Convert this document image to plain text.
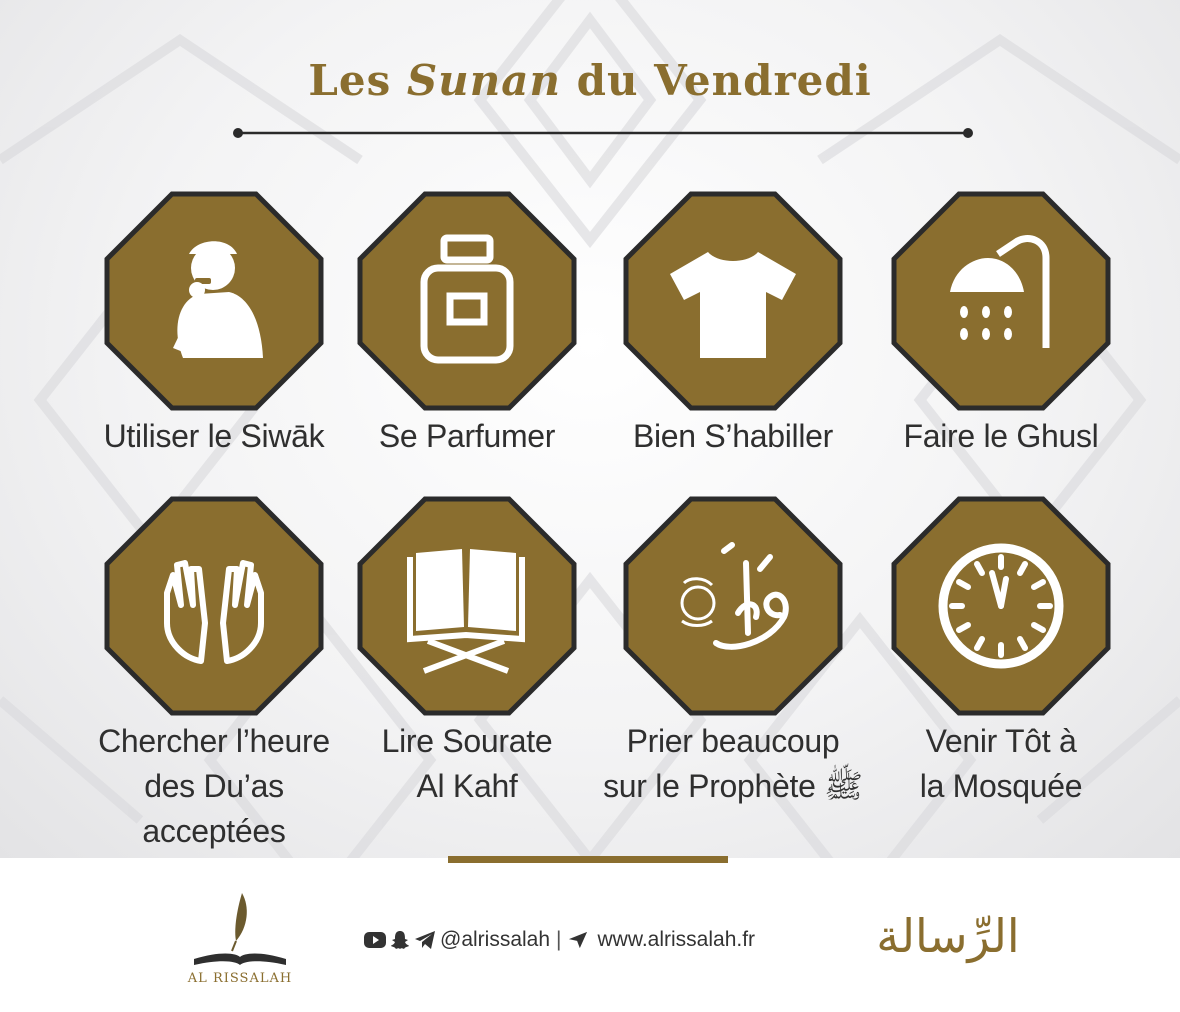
Les Sunan du Vendredi
Utiliser le Siwāk	Se Parfumer	Bien S’habiller	Faire le Ghusl
Chercher l’heure
des Du’as acceptées
Lire Sourate
Al Kahf
Prier beaucoup
sur le Prophète ﷺ
Venir Tôt à
la Mosquée
AL RISSALAH
@alrissalah | www.alrissalah.fr	الرِّسالة
